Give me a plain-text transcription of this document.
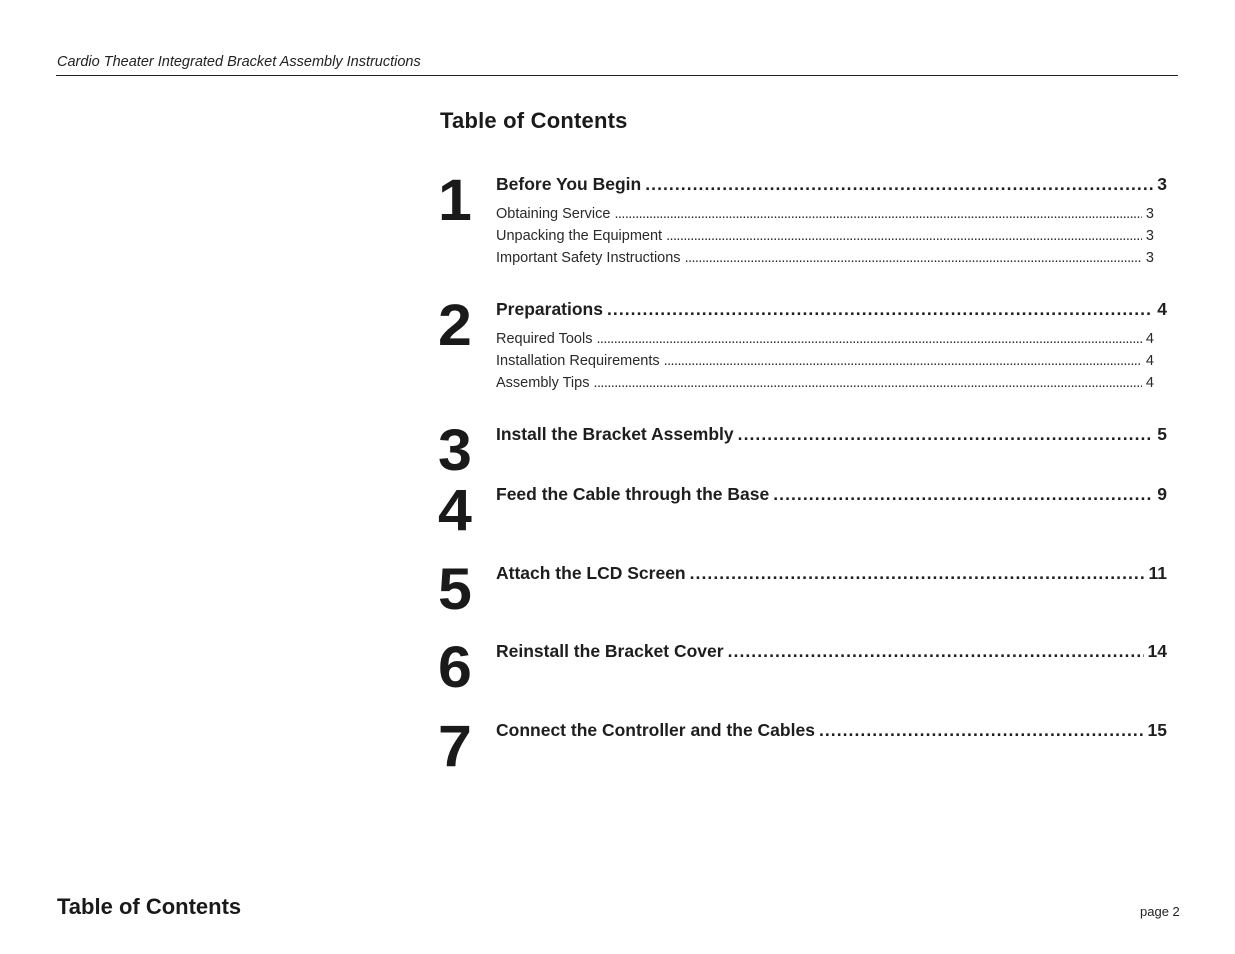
Cardio Theater Integrated Bracket Assembly Instructions
Table of Contents
1	Before You Begin . . .	3
Obtaining Service . . .	3
Unpacking the Equipment . . .	3
Important Safety Instructions . . .	3
2	Preparations . . .	4
Required Tools . . .	4
Installation Requirements . . .	4
Assembly Tips . . .	4
3	Install the Bracket Assembly . . .	5
4	Feed the Cable through the Base . . .	9
5	Attach the LCD Screen . . .	11
6	Reinstall the Bracket Cover . . .	14
7	Connect the Controller and the Cables . . .	15
Table of Contents	page 2
